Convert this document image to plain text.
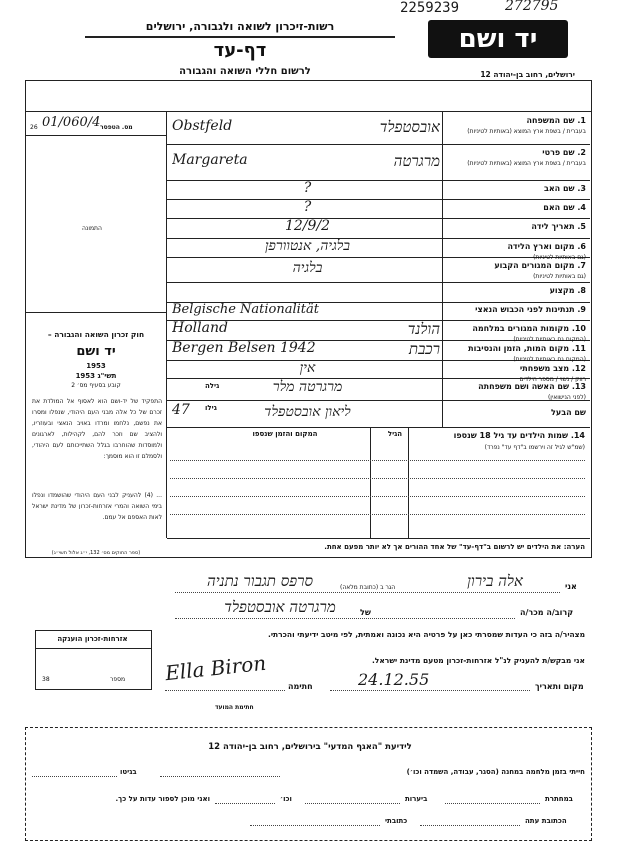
2259239	272795
רשות-זיכרון לשואה ולגבורה, ירושלים
דף-עד
לרשום חללי השואה והגבורה
יד ושם
ירושלים, רחוב בן-יהודה 12
מס. הטפסר
26 01/060/4
התמונה
חוק זכרון השואה והגבורה –
יד ושם
1953
תשי"ג 1953
קובע בסעיף מס׳ 2
התפקיד של יד-ושם הוא לאסוף אל המולדת את זכרם של כל אלה מבני העם היהודי, שנפלו ומסרו את נפשם, נלחמו ומרדו באויב הנאצי ובעוזריו, ולהציב שם וזכר להם, לקהילות, לארגונים ולמוסדות שהוחרבו בגלל השתייכותם לעם היהודי, ולסמלם זו הוא מוסמך:
... (4) להעניק לבני העם היהודי שהושמדו ונפלו בימי השואה והמרי אזרחות-זכרון של מדינת ישראל לאות האספם אל עמם.
(ספר החוקים מס׳ 132, י״ג אלול תשי״ג)
1. שם המשפחה
בעברית / בשפת ארץ המוצא (באותיות לטיניות)
Obstfeld	אובסטפלד
2. שם פרטי
בעברית / בשפת ארץ המוצא (באותיות לטיניות)
Margareta	מרגרטה
3. שם האב
?
4. שם האם
?
5. תאריך לידה
12/9/2
6. מקום וארץ הלידה
(גם באותיות לטיניות)
בלגיה, אנטוורפן
7. מקום המגורים הקבוע
(גם באותיות לטיניות)
בלגיה
8. מקצוע
9. תנתינות לפני הכבוש הנאצי
Belgische Nationalität
10. מקומות המגורים במלחמה
(המקום גם באותיות לטיניות)
Holland	הולנד
11. מקום המות, הזמן והנסיבות
(המקום גם באותיות לטיניות)
Bergen Belsen 1942	רכבת
12. מצב משפחתי
רווק / נשוי / מספר הילדים
אין
13. שם האשה ושם משפחתה
(לפני הנישואין)
מרגרטה מלר
גילה
שם הבעל
ליאון אובסטפלד
גילו
47
14. שמות הילדים עד גיל 18 שנספו
(שמ"ש לגיל זה וירשמו ב"דף עד" נפרד)
המקום והזמן שנספו	הגיל
הערה: את הילדים יש לרשום ב"דף-עד" של אחד ההורים אך לא יותר מפעם אחת.
אני
אלה בירון
הגר ב (כתובת מלאה)
סרפס תגבור נתניה
קרוב/ה מכר/ה
של
מרגרטה אובסטפלד
מצהיר/ה בזה כי העדות שמסרתי כאן על פרטיה היא נכונה ואמתית, לפי מיטב ידיעתי והכרתי.
אזרחות-זכרון הוענקה
מספר
38
אני מבקש/ת להעניק לנ"ל אזרחות-זכרון מטעם מדינת ישראל.
Ella Biron
מקום ותאריך
24.12.55
חתימה
חתימת המועד
לידיעת "האגף המדעי" בירושלים, רחוב בן-יהודה 12
חייתי בזמן מלחמה במחנה (הסגר, עבודה, השמדה וכו׳)
בגיטו
במחתרת
ביערות
וכו׳
ואני מוכן לספור עדות על כך.
הכתובת עתה
כתובתי
